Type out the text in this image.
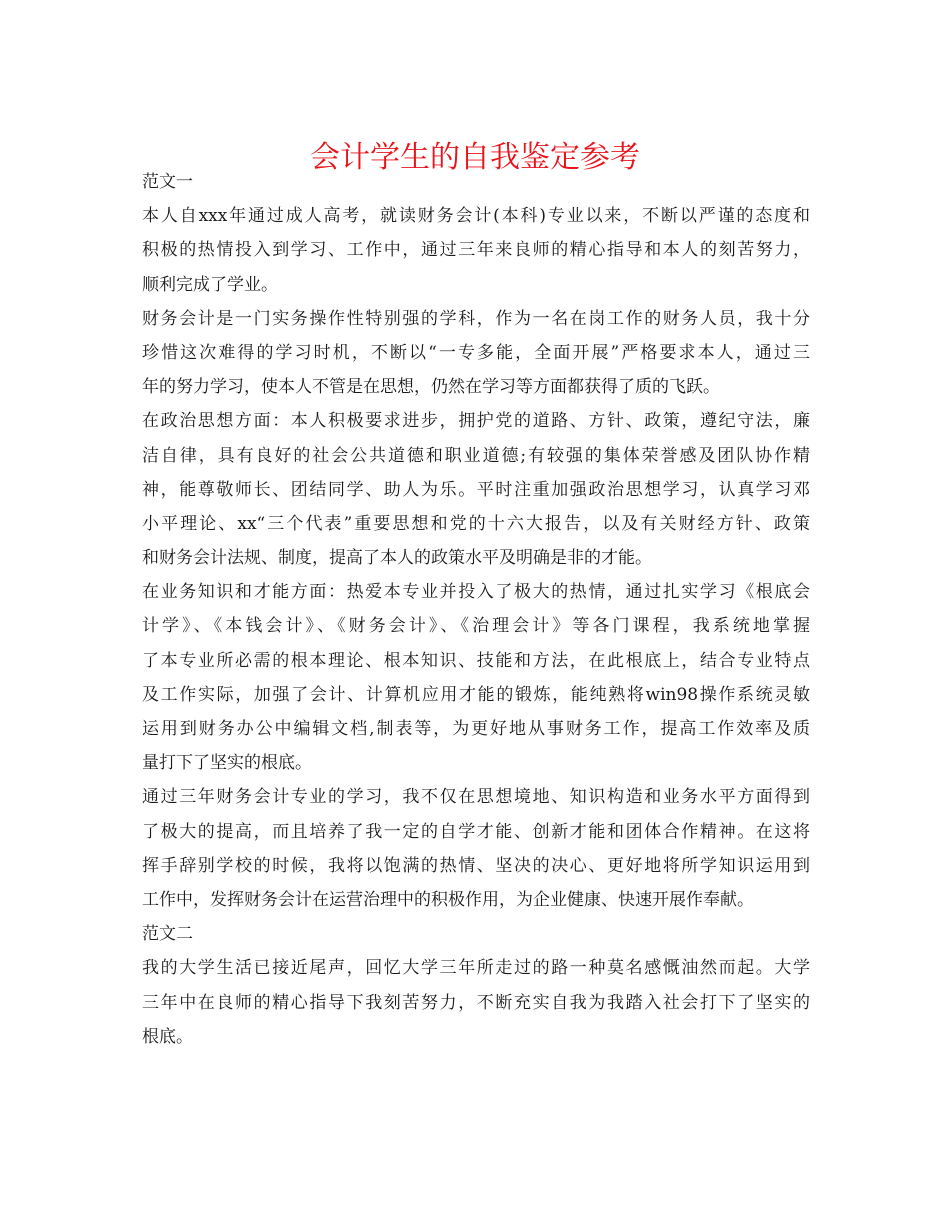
会计学生的自我鉴定参考
范文一
本人自xxx年通过成人高考，就读财务会计(本科)专业以来，不断以严谨的态度和
积极的热情投入到学习、工作中，通过三年来良师的精心指导和本人的刻苦努力，
顺利完成了学业。
财务会计是一门实务操作性特别强的学科，作为一名在岗工作的财务人员，我十分
珍惜这次难得的学习时机，不断以“一专多能，全面开展”严格要求本人，通过三
年的努力学习，使本人不管是在思想，仍然在学习等方面都获得了质的飞跃。
在政治思想方面：本人积极要求进步，拥护党的道路、方针、政策，遵纪守法，廉
洁自律，具有良好的社会公共道德和职业道德;有较强的集体荣誉感及团队协作精
神，能尊敬师长、团结同学、助人为乐。平时注重加强政治思想学习，认真学习邓
小平理论、xx“三个代表”重要思想和党的十六大报告，以及有关财经方针、政策
和财务会计法规、制度，提高了本人的政策水平及明确是非的才能。
在业务知识和才能方面：热爱本专业并投入了极大的热情，通过扎实学习《根底会
计学》、《本钱会计》、《财务会计》、《治理会计》等各门课程，我系统地掌握
了本专业所必需的根本理论、根本知识、技能和方法，在此根底上，结合专业特点
及工作实际，加强了会计、计算机应用才能的锻炼，能纯熟将win98操作系统灵敏
运用到财务办公中编辑文档,制表等，为更好地从事财务工作，提高工作效率及质
量打下了坚实的根底。
通过三年财务会计专业的学习，我不仅在思想境地、知识构造和业务水平方面得到
了极大的提高，而且培养了我一定的自学才能、创新才能和团体合作精神。在这将
挥手辞别学校的时候，我将以饱满的热情、坚决的决心、更好地将所学知识运用到
工作中，发挥财务会计在运营治理中的积极作用，为企业健康、快速开展作奉献。
范文二
我的大学生活已接近尾声，回忆大学三年所走过的路一种莫名感慨油然而起。大学
三年中在良师的精心指导下我刻苦努力，不断充实自我为我踏入社会打下了坚实的
根底。
